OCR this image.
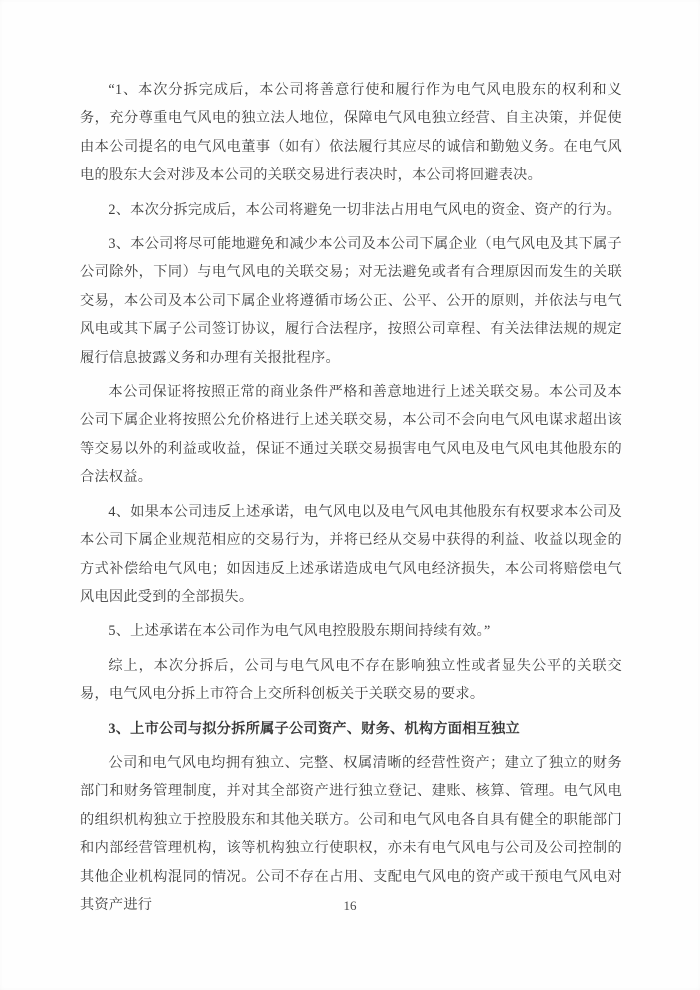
“1、本次分拆完成后，本公司将善意行使和履行作为电气风电股东的权利和义务，充分尊重电气风电的独立法人地位，保障电气风电独立经营、自主决策，并促使由本公司提名的电气风电董事（如有）依法履行其应尽的诚信和勤勉义务。在电气风电的股东大会对涉及本公司的关联交易进行表决时，本公司将回避表决。

2、本次分拆完成后，本公司将避免一切非法占用电气风电的资金、资产的行为。

3、本公司将尽可能地避免和减少本公司及本公司下属企业（电气风电及其下属子公司除外，下同）与电气风电的关联交易；对无法避免或者有合理原因而发生的关联交易，本公司及本公司下属企业将遵循市场公正、公平、公开的原则，并依法与电气风电或其下属子公司签订协议，履行合法程序，按照公司章程、有关法律法规的规定履行信息披露义务和办理有关报批程序。

本公司保证将按照正常的商业条件严格和善意地进行上述关联交易。本公司及本公司下属企业将按照公允价格进行上述关联交易，本公司不会向电气风电谋求超出该等交易以外的利益或收益，保证不通过关联交易损害电气风电及电气风电其他股东的合法权益。

4、如果本公司违反上述承诺，电气风电以及电气风电其他股东有权要求本公司及本公司下属企业规范相应的交易行为，并将已经从交易中获得的利益、收益以现金的方式补偿给电气风电；如因违反上述承诺造成电气风电经济损失，本公司将赔偿电气风电因此受到的全部损失。

5、上述承诺在本公司作为电气风电控股股东期间持续有效。”

综上，本次分拆后，公司与电气风电不存在影响独立性或者显失公平的关联交易，电气风电分拆上市符合上交所科创板关于关联交易的要求。

3、上市公司与拟分拆所属子公司资产、财务、机构方面相互独立

公司和电气风电均拥有独立、完整、权属清晰的经营性资产；建立了独立的财务部门和财务管理制度，并对其全部资产进行独立登记、建账、核算、管理。电气风电的组织机构独立于控股股东和其他关联方。公司和电气风电各自具有健全的职能部门和内部经营管理机构，该等机构独立行使职权，亦未有电气风电与公司及公司控制的其他企业机构混同的情况。公司不存在占用、支配电气风电的资产或干预电气风电对其资产进行	16
